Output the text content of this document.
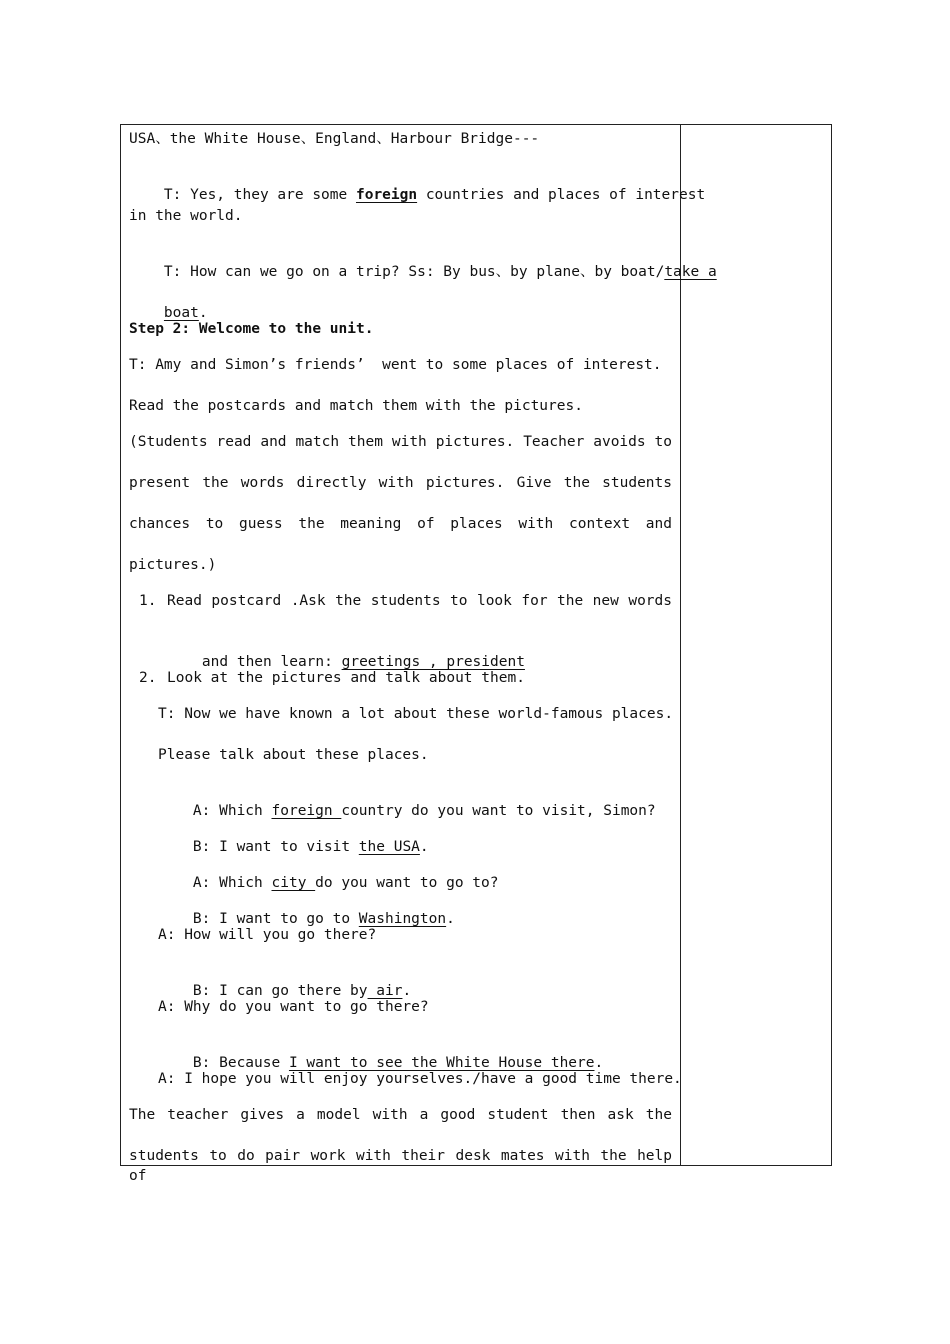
USA、the White House、England、Harbour Bridge---

T: Yes, they are some foreign countries and places of interest

in the world.

T: How can we go on a trip? Ss: By bus、by plane、by boat/take a

boat.

Step 2: Welcome to the unit.
T: Amy and Simon’s friends’  went to some places of interest.
Read the postcards and match them with the pictures.
(Students read and match them with pictures. Teacher avoids to
present the words directly with pictures. Give the students
chances to guess the meaning of places with context and
pictures.)
1. Read postcard .Ask the students to look for the new words

and then learn: greetings , president

2. Look at the pictures and talk about them.
T: Now we have known a lot about these world-famous places.
Please talk about these places.

A: Which foreign country do you want to visit, Simon?

B: I want to visit the USA.

A: Which city do you want to go to?

B: I want to go to Washington.

A: How will you go there?

B: I can go there by air.

A: Why do you want to go there?

B: Because I want to see the White House there.

A: I hope you will enjoy yourselves./have a good time there.
The teacher gives a model with a good student then ask the
students to do pair work with their desk mates with the help of
